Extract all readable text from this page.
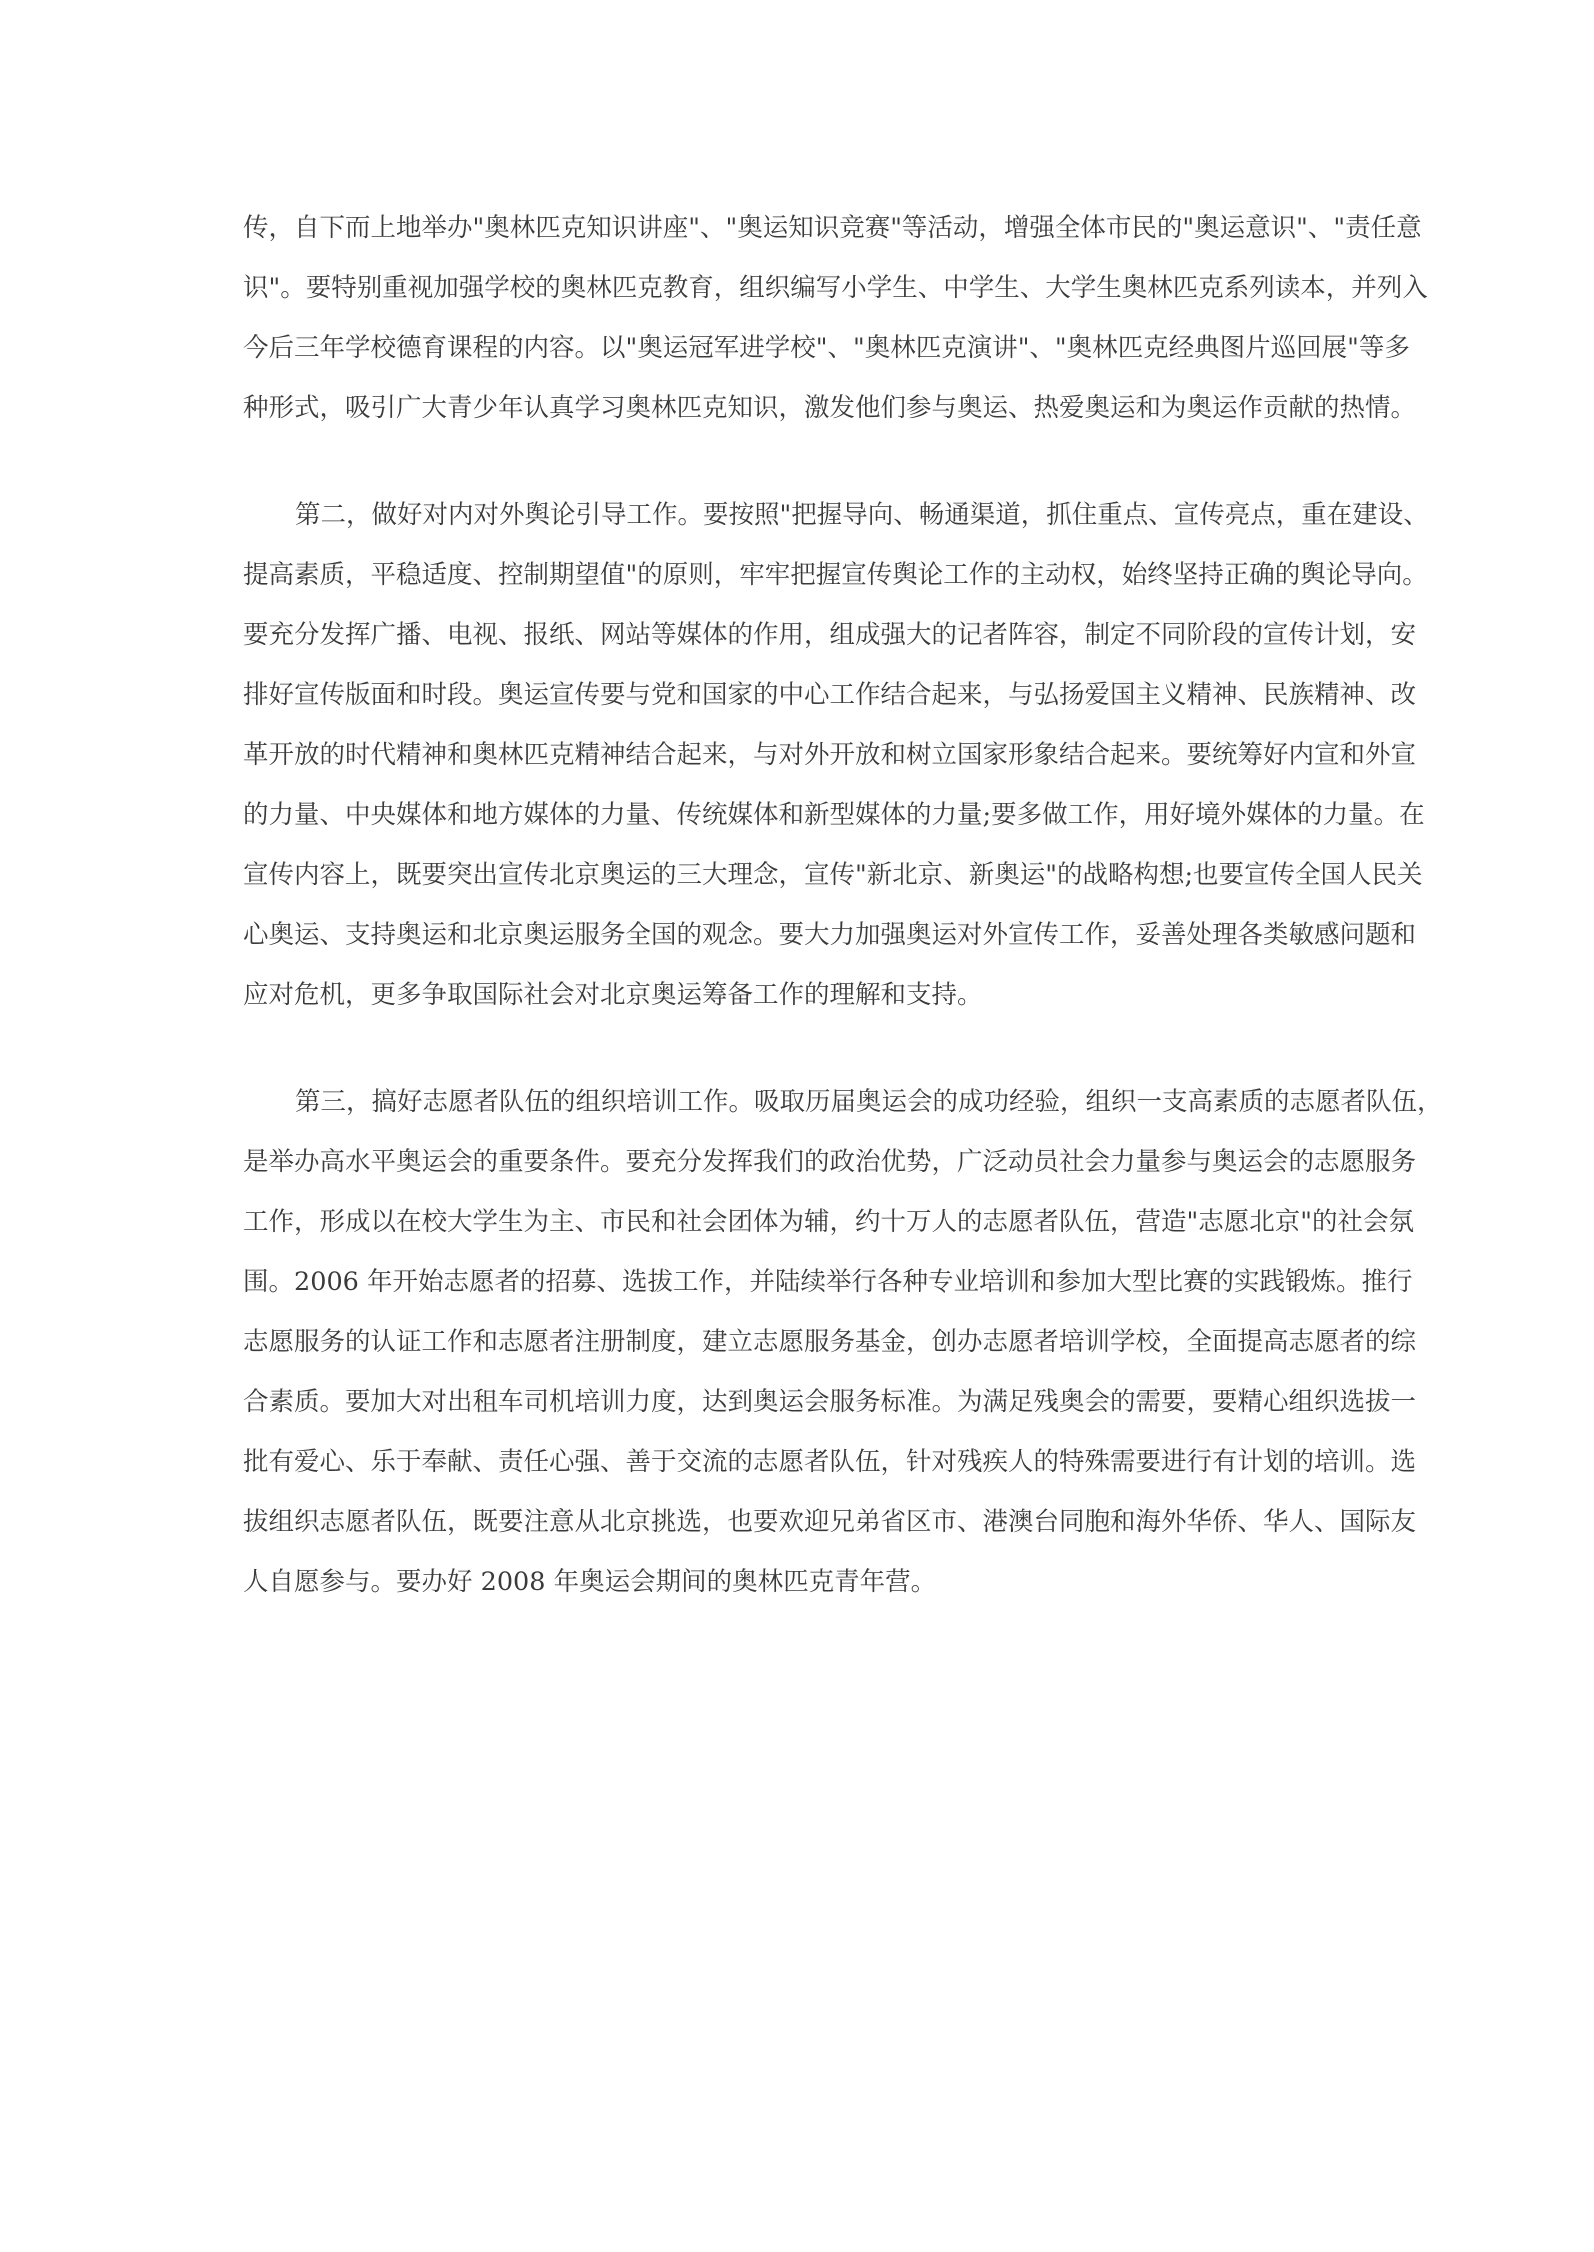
传，自下而上地举办"奥林匹克知识讲座"、"奥运知识竞赛"等活动，增强全体市民的"奥运意识"、"责任意
识"。要特别重视加强学校的奥林匹克教育，组织编写小学生、中学生、大学生奥林匹克系列读本，并列入
今后三年学校德育课程的内容。以"奥运冠军进学校"、"奥林匹克演讲"、"奥林匹克经典图片巡回展"等多
种形式，吸引广大青少年认真学习奥林匹克知识，激发他们参与奥运、热爱奥运和为奥运作贡献的热情。
第二，做好对内对外舆论引导工作。要按照"把握导向、畅通渠道，抓住重点、宣传亮点，重在建设、
提高素质，平稳适度、控制期望值"的原则，牢牢把握宣传舆论工作的主动权，始终坚持正确的舆论导向。
要充分发挥广播、电视、报纸、网站等媒体的作用，组成强大的记者阵容，制定不同阶段的宣传计划，安
排好宣传版面和时段。奥运宣传要与党和国家的中心工作结合起来，与弘扬爱国主义精神、民族精神、改
革开放的时代精神和奥林匹克精神结合起来，与对外开放和树立国家形象结合起来。要统筹好内宣和外宣
的力量、中央媒体和地方媒体的力量、传统媒体和新型媒体的力量;要多做工作，用好境外媒体的力量。在
宣传内容上，既要突出宣传北京奥运的三大理念，宣传"新北京、新奥运"的战略构想;也要宣传全国人民关
心奥运、支持奥运和北京奥运服务全国的观念。要大力加强奥运对外宣传工作，妥善处理各类敏感问题和
应对危机，更多争取国际社会对北京奥运筹备工作的理解和支持。
第三，搞好志愿者队伍的组织培训工作。吸取历届奥运会的成功经验，组织一支高素质的志愿者队伍，
是举办高水平奥运会的重要条件。要充分发挥我们的政治优势，广泛动员社会力量参与奥运会的志愿服务
工作，形成以在校大学生为主、市民和社会团体为辅，约十万人的志愿者队伍，营造"志愿北京"的社会氛
围。2006 年开始志愿者的招募、选拔工作，并陆续举行各种专业培训和参加大型比赛的实践锻炼。推行
志愿服务的认证工作和志愿者注册制度，建立志愿服务基金，创办志愿者培训学校，全面提高志愿者的综
合素质。要加大对出租车司机培训力度，达到奥运会服务标准。为满足残奥会的需要，要精心组织选拔一
批有爱心、乐于奉献、责任心强、善于交流的志愿者队伍，针对残疾人的特殊需要进行有计划的培训。选
拔组织志愿者队伍，既要注意从北京挑选，也要欢迎兄弟省区市、港澳台同胞和海外华侨、华人、国际友
人自愿参与。要办好 2008 年奥运会期间的奥林匹克青年营。
